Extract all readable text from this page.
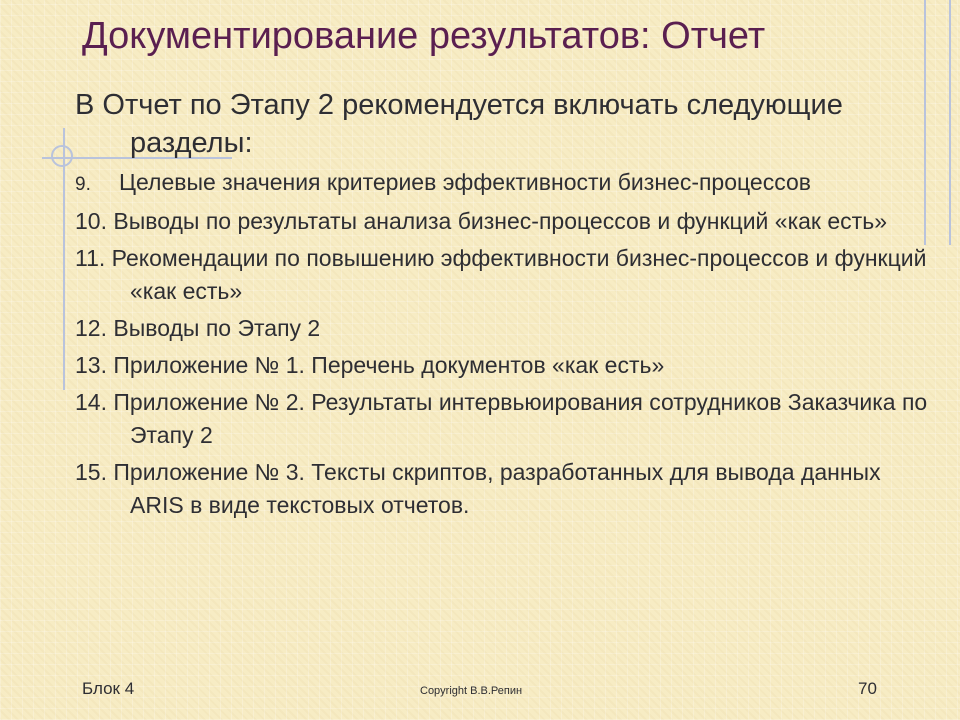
Документирование результатов: Отчет
В Отчет по Этапу 2 рекомендуется включать следующие разделы:
9. Целевые значения критериев эффективности бизнес-процессов
10. Выводы по результаты анализа бизнес-процессов и функций «как есть»
11. Рекомендации по повышению эффективности бизнес-процессов и функций «как есть»
12. Выводы по Этапу 2
13. Приложение № 1. Перечень документов «как есть»
14. Приложение № 2. Результаты интервьюирования сотрудников Заказчика по Этапу 2
15. Приложение № 3. Тексты скриптов, разработанных для вывода данных ARIS в виде текстовых отчетов.
Блок 4	Copyright В.В.Репин	70
